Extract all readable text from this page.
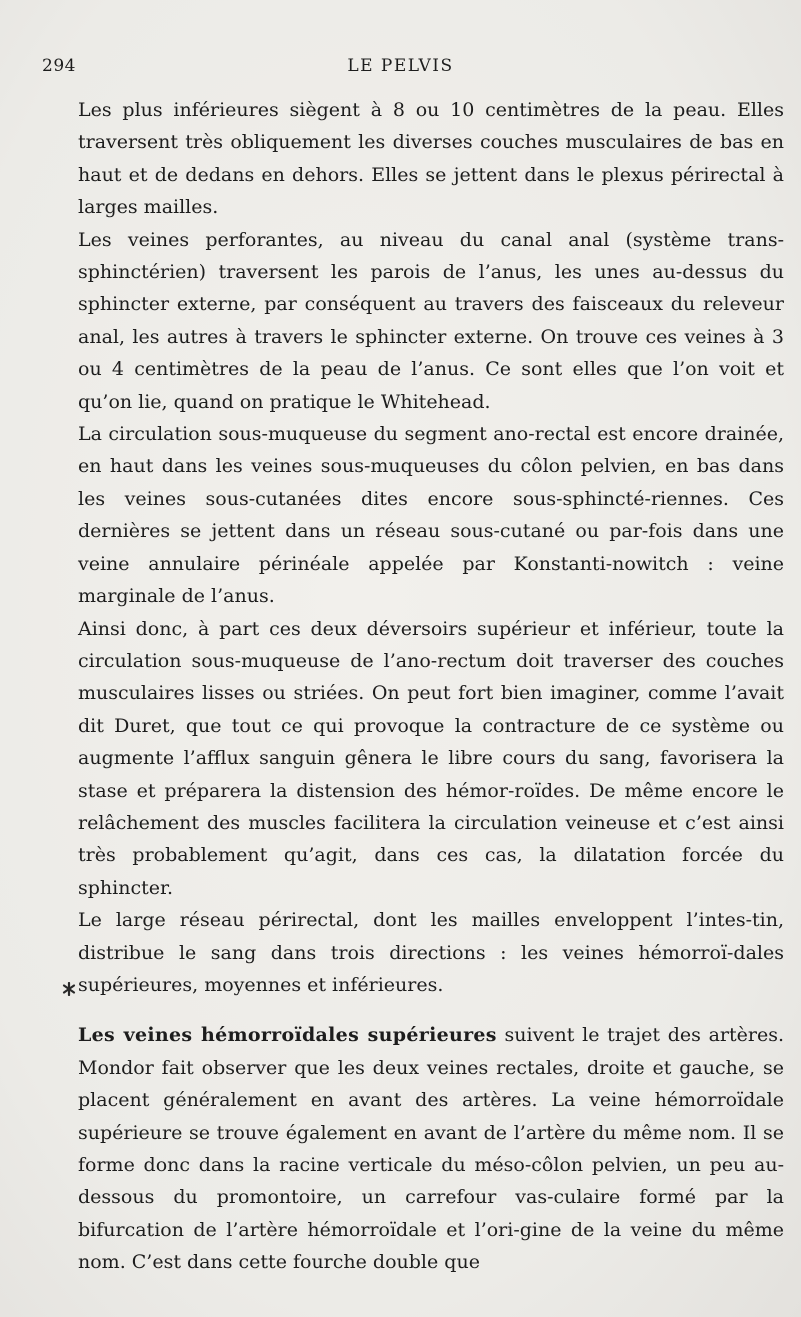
294	LE PELVIS

Les plus inférieures siègent à 8 ou 10 centimètres de la peau. Elles traversent très obliquement les diverses couches musculaires de bas en haut et de dedans en dehors. Elles se jettent dans le plexus périrectal à larges mailles.

Les veines perforantes, au niveau du canal anal (système trans-sphinctérien) traversent les parois de l’anus, les unes au-dessus du sphincter externe, par conséquent au travers des faisceaux du releveur anal, les autres à travers le sphincter externe. On trouve ces veines à 3 ou 4 centimètres de la peau de l’anus. Ce sont elles que l’on voit et qu’on lie, quand on pratique le Whitehead.

La circulation sous-muqueuse du segment ano-rectal est encore drainée, en haut dans les veines sous-muqueuses du côlon pelvien, en bas dans les veines sous-cutanées dites encore sous-sphincté-riennes. Ces dernières se jettent dans un réseau sous-cutané ou par-fois dans une veine annulaire périnéale appelée par Konstanti-nowitch : veine marginale de l’anus.

Ainsi donc, à part ces deux déversoirs supérieur et inférieur, toute la circulation sous-muqueuse de l’ano-rectum doit traverser des couches musculaires lisses ou striées. On peut fort bien imaginer, comme l’avait dit Duret, que tout ce qui provoque la contracture de ce système ou augmente l’afflux sanguin gênera le libre cours du sang, favorisera la stase et préparera la distension des hémor-roïdes. De même encore le relâchement des muscles facilitera la circulation veineuse et c’est ainsi très probablement qu’agit, dans ces cas, la dilatation forcée du sphincter.

Le large réseau périrectal, dont les mailles enveloppent l’intes-tin, distribue le sang dans trois directions : les veines hémorroï-dales supérieures, moyennes et inférieures.

Les veines hémorroïdales supérieures suivent le trajet des artères. Mondor fait observer que les deux veines rectales, droite et gauche, se placent généralement en avant des artères. La veine hémorroïdale supérieure se trouve également en avant de l’artère du même nom. Il se forme donc dans la racine verticale du méso-côlon pelvien, un peu au-dessous du promontoire, un carrefour vas-culaire formé par la bifurcation de l’artère hémorroïdale et l’ori-gine de la veine du même nom. C’est dans cette fourche double que
